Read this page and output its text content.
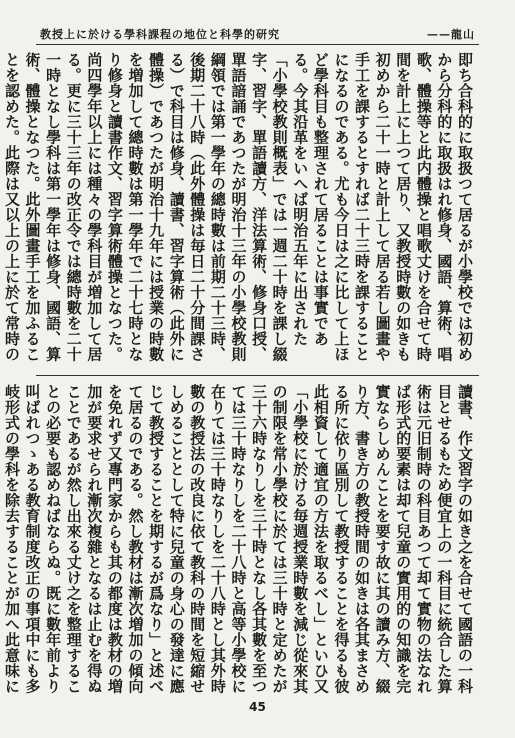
教授上に於ける學科課程の地位と科學的研究	——龍山

即ち合科的に取扱つて居るが小學校では初めから分科的に取扱はれ修身、國語、算術、唱歌、體操等と此内體操と唱歌丈けを合せて時間を計上に上つて居り、又教授時數の如きも初めから二十一時と計上して居る若し圖畫や手工を課するとすれば二十三時を課することになるのである。尤も今日は之に比して上ほど學科目も整理されて居ることは事實である。今其沿革をいへば明治五年に出された「小學校教則概表」では一週二十時を課し綴字、習字、單語讀方、洋法算術、修身口授、單語諳誦であつたが明治十三年の小學校教則綱領では第一學年の總時數は前期二十三時、後期二十八時（此外體操は毎日二十分間課さる）で科目は修身、讀書、習字算術（此外に體操）であつたが明治十九年には授業の時數を増加して總時數は第一學年で二十七時となり修身と讀書作文、習字算術體操となつた。尚四學年以上には種々の學科目が増加して居る。更に三十三年の改正令では總時數を二十一時となし學科は第一學年は修身、國語、算術、體操となつた。此外圖畫手工を加ふることを認めた。此際は又以上の上に於て常時の

讀書、作文習字の如き之を合せて國語の一科目とせるもため便宜上の一科目に統合した算術は元旧制時の科目あつて却て實物の法なれば形式的要素は却て兒童の實用的の知識を完實ならしめんことを要す故に其の讀み方、綴り方、書き方の教授時間の如きは各其まさめる所に依り區別して教授することを得るも彼此相資して適宜の方法を取るべし」といひ又「小學校に於ける毎週授業時數を減じ從來其の制限を常小學校に於ては三十時と定めたが三十六時なりしを三十時となし各其數を至つては三十時なりしを二十八時と高等小學校に在りては三十時なりしを二十八時とし其外時數の教授法の改良に依て教科の時間を短縮せしめることとして特に兒童の身心の發達に應じて教授することを期するが爲なり」と述べて居るのである。然し教材は漸次増加の傾向を免れず又專門家からも其の都度は教材の増加が要求せられ漸次複雜となるは止むを得ぬことであるが然し出來る丈け之を整理することの必要も認めねばならぬ。既に數年前より叫ばれつゝある教育制度改正の事項中にも多岐形式の學科を除去することが加へ此意味に

45
